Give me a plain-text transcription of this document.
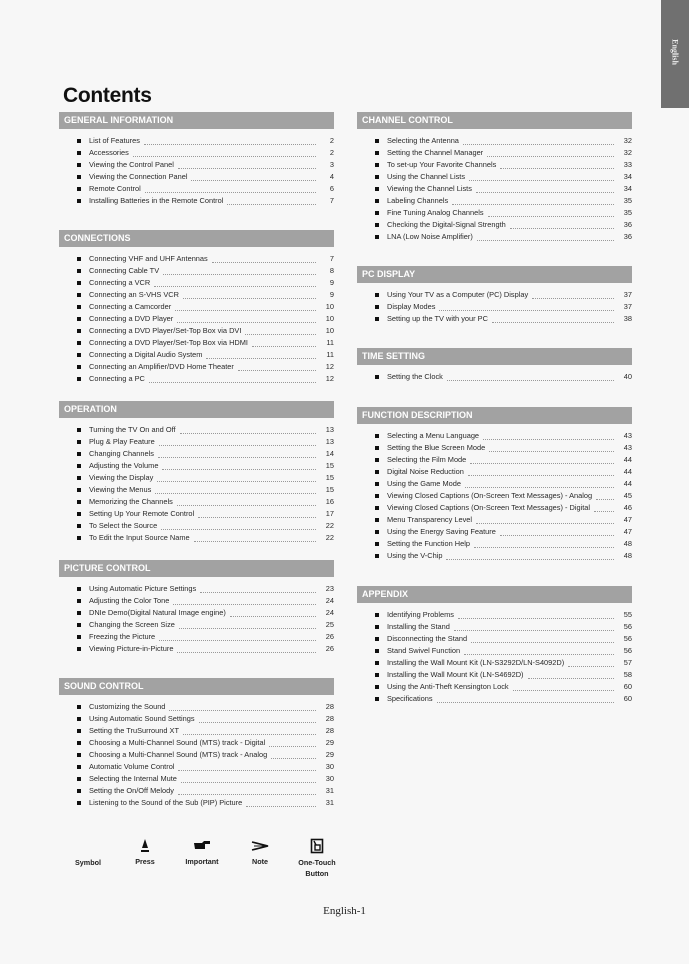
English
Contents
GENERAL INFORMATION
List of Features	2
Accessories	2
Viewing the Control Panel	3
Viewing the Connection Panel	4
Remote Control	6
Installing Batteries in the Remote Control	7
CONNECTIONS
Connecting VHF and UHF Antennas	7
Connecting Cable TV	8
Connecting a VCR	9
Connecting an S-VHS VCR	9
Connecting a Camcorder	10
Connecting a DVD Player	10
Connecting a DVD Player/Set-Top Box via DVI	10
Connecting a DVD Player/Set-Top Box via HDMI	11
Connecting a Digital Audio System	11
Connecting an Amplifier/DVD Home Theater	12
Connecting a PC	12
OPERATION
Turning the TV On and Off	13
Plug & Play Feature	13
Changing Channels	14
Adjusting the Volume	15
Viewing the Display	15
Viewing the Menus	15
Memorizing the Channels	16
Setting Up Your Remote Control	17
To Select the Source	22
To Edit the Input Source Name	22
PICTURE CONTROL
Using Automatic Picture Settings	23
Adjusting the Color Tone	24
DNIe Demo(Digital Natural Image engine)	24
Changing the Screen Size	25
Freezing the Picture	26
Viewing Picture-in-Picture	26
SOUND CONTROL
Customizing the Sound	28
Using Automatic Sound Settings	28
Setting the TruSurround XT	28
Choosing a Multi-Channel Sound (MTS) track - Digital	29
Choosing a Multi-Channel Sound (MTS) track - Analog	29
Automatic Volume Control	30
Selecting the Internal Mute	30
Setting the On/Off Melody	31
Listening to the Sound of the Sub (PIP) Picture	31
CHANNEL CONTROL
Selecting the Antenna	32
Setting the Channel Manager	32
To set-up Your Favorite Channels	33
Using the Channel Lists	34
Viewing the Channel Lists	34
Labeling Channels	35
Fine Tuning Analog Channels	35
Checking the Digital-Signal Strength	36
LNA (Low Noise Amplifier)	36
PC DISPLAY
Using Your TV as a Computer (PC) Display	37
Display Modes	37
Setting up the TV with your PC	38
TIME SETTING
Setting the Clock	40
FUNCTION DESCRIPTION
Selecting a Menu Language	43
Setting the Blue Screen Mode	43
Selecting the Film Mode	44
Digital Noise Reduction	44
Using the Game Mode	44
Viewing Closed Captions (On-Screen Text Messages) - Analog	45
Viewing Closed Captions (On-Screen Text Messages) - Digital	46
Menu Transparency Level	47
Using the Energy Saving Feature	47
Setting the Function Help	48
Using the V-Chip	48
APPENDIX
Identifying Problems	55
Installing the Stand	56
Disconnecting the Stand	56
Stand Swivel Function	56
Installing the Wall Mount Kit (LN-S3292D/LN-S4092D)	57
Installing the Wall Mount Kit (LN-S4692D)	58
Using the Anti-Theft Kensington Lock	60
Specifications	60
Symbol	Press	Important	Note	One-Touch Button
English-1
